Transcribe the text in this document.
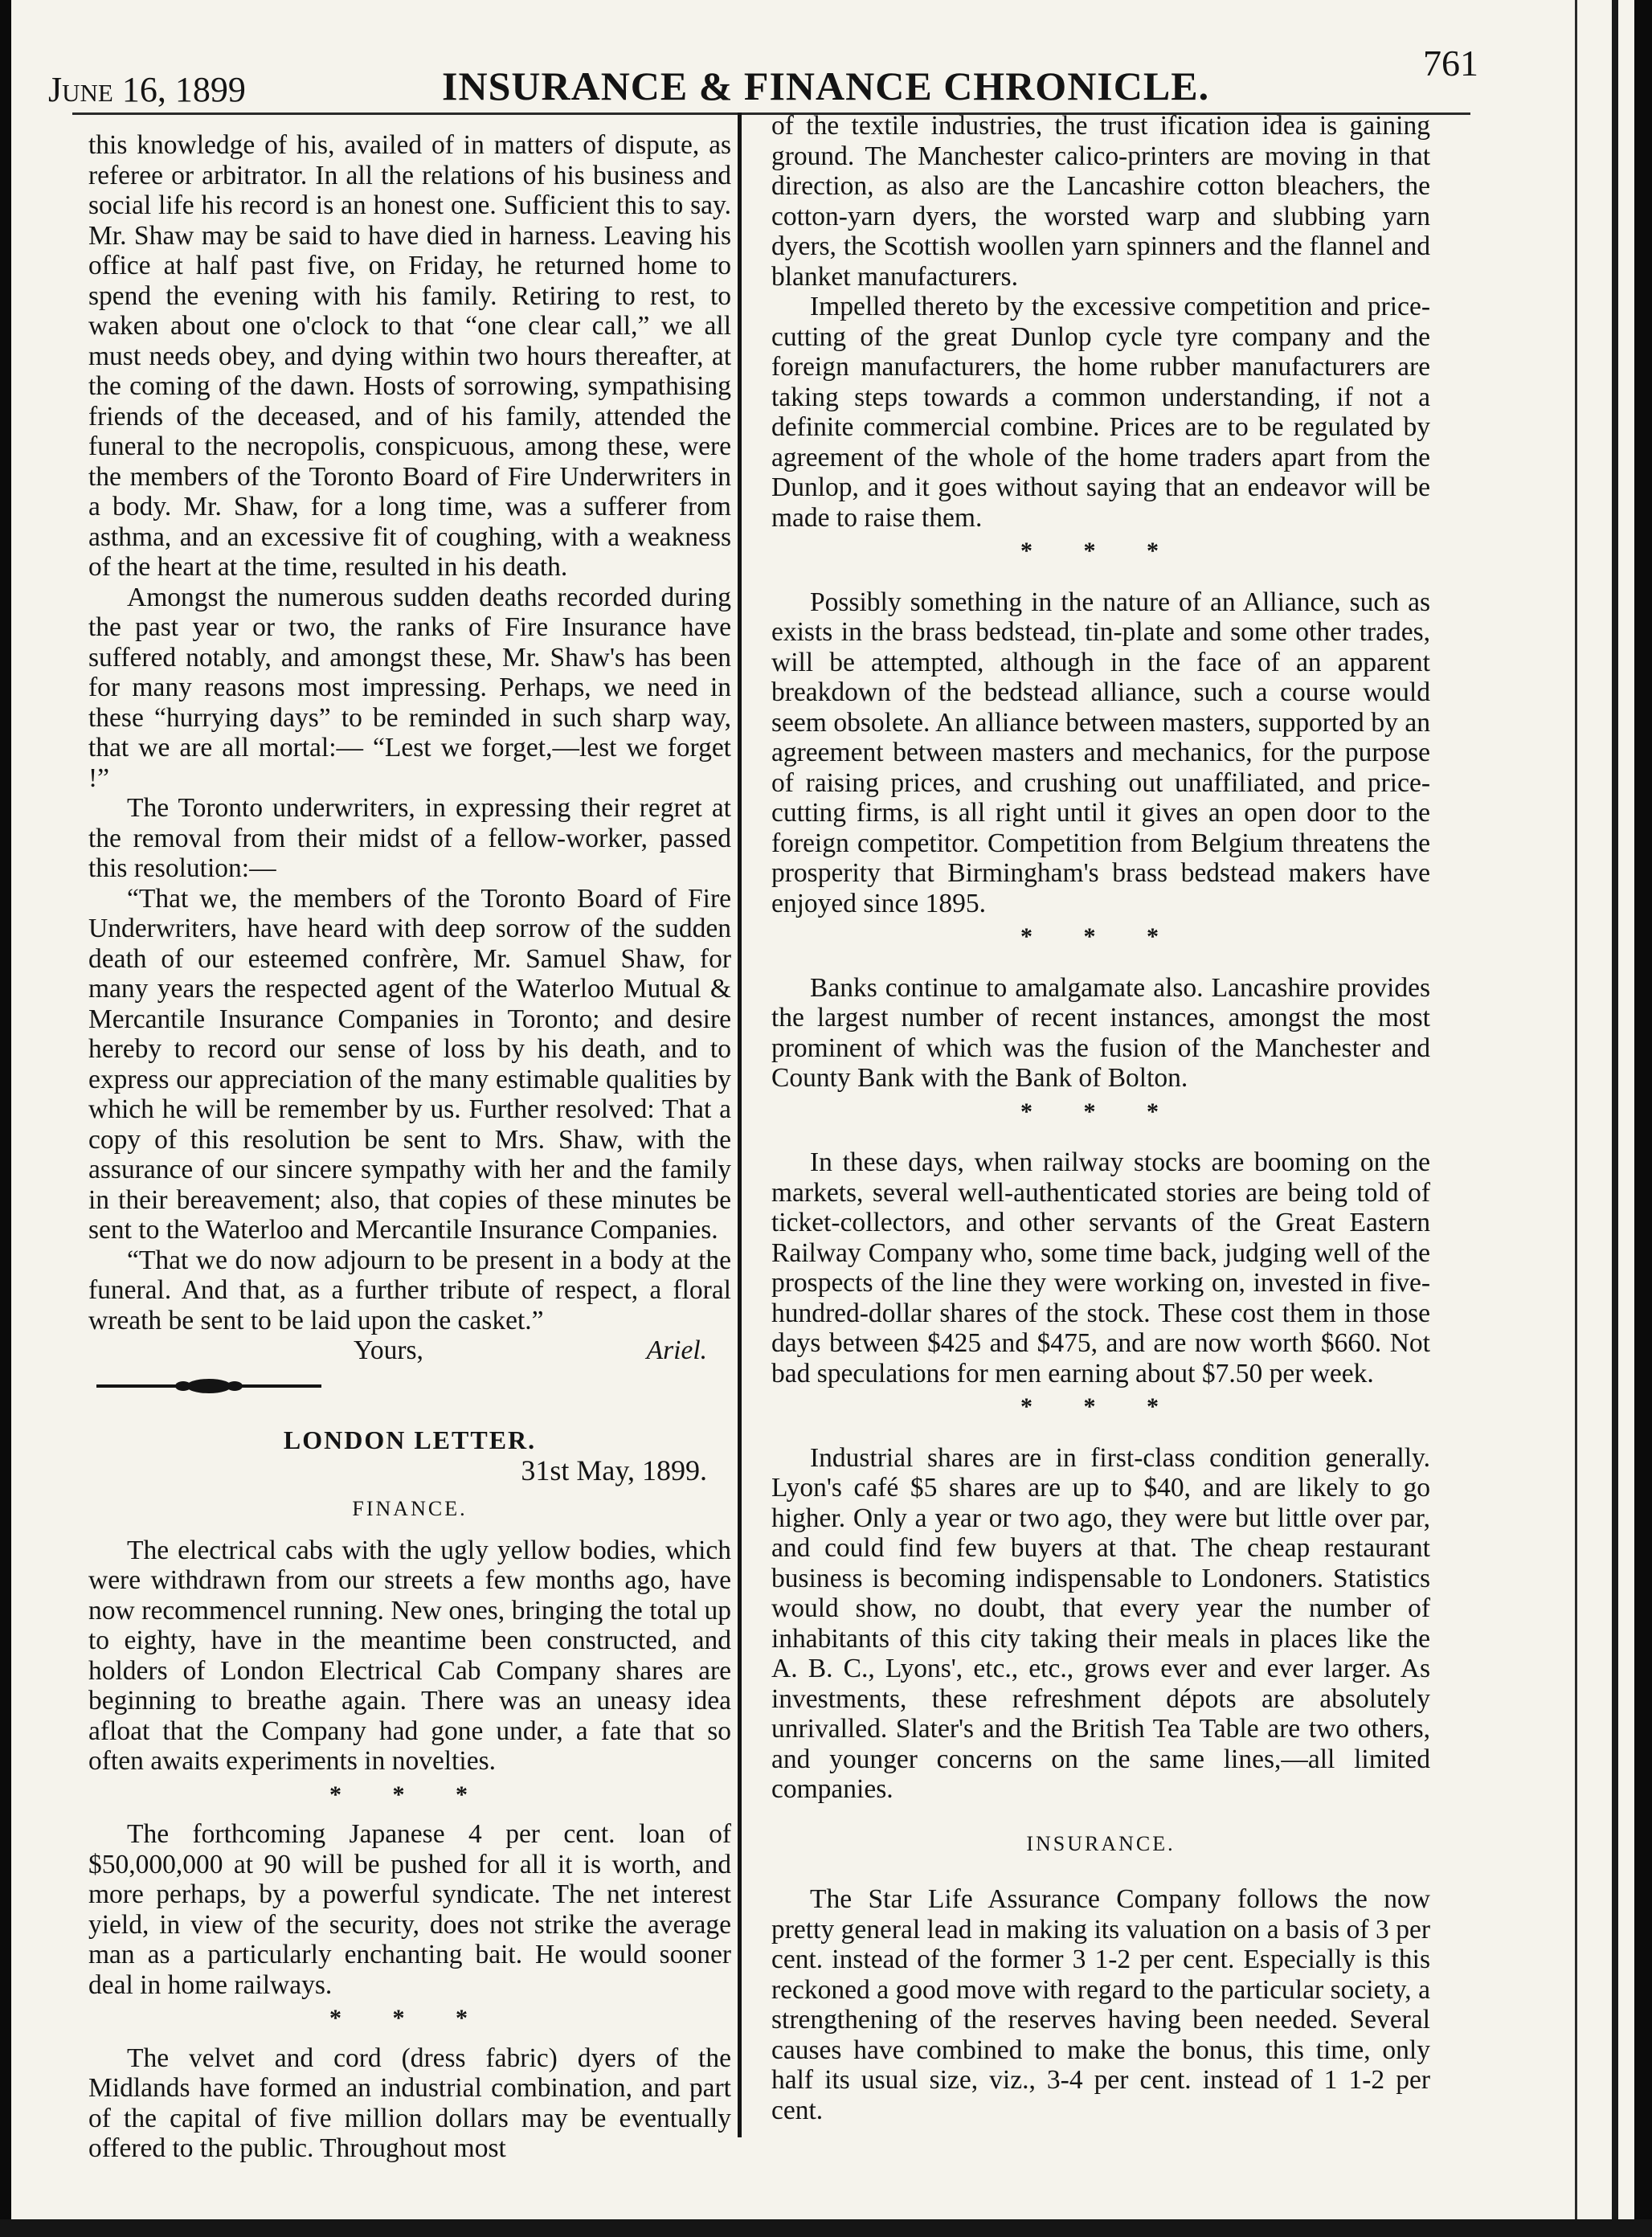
June 16, 1899	INSURANCE & FINANCE CHRONICLE.
761

this knowledge of his, availed of in matters of dispute, as referee or arbitrator. In all the relations of his business and social life his record is an honest one. Sufficient this to say. Mr. Shaw may be said to have died in harness. Leaving his office at half past five, on Friday, he returned home to spend the evening with his family. Retiring to rest, to waken about one o'clock to that “one clear call,” we all must needs obey, and dying within two hours thereafter, at the coming of the dawn. Hosts of sorrowing, sympathising friends of the deceased, and of his family, attended the funeral to the necropolis, conspicuous, among these, were the members of the Toronto Board of Fire Underwriters in a body. Mr. Shaw, for a long time, was a sufferer from asthma, and an excessive fit of coughing, with a weakness of the heart at the time, resulted in his death.

Amongst the numerous sudden deaths recorded during the past year or two, the ranks of Fire Insurance have suffered notably, and amongst these, Mr. Shaw's has been for many reasons most impressing. Perhaps, we need in these “hurrying days” to be reminded in such sharp way, that we are all mortal:— “Lest we forget,—lest we forget !”

The Toronto underwriters, in expressing their regret at the removal from their midst of a fellow-worker, passed this resolution:—

“That we, the members of the Toronto Board of Fire Underwriters, have heard with deep sorrow of the sudden death of our esteemed confrère, Mr. Samuel Shaw, for many years the respected agent of the Waterloo Mutual & Mercantile Insurance Companies in Toronto; and desire hereby to record our sense of loss by his death, and to express our appreciation of the many estimable qualities by which he will be remember by us. Further resolved: That a copy of this resolution be sent to Mrs. Shaw, with the assurance of our sincere sympathy with her and the family in their bereavement; also, that copies of these minutes be sent to the Waterloo and Mercantile Insurance Companies.

“That we do now adjourn to be present in a body at the funeral. And that, as a further tribute of respect, a floral wreath be sent to be laid upon the casket.”

Yours,	Ariel.
LONDON LETTER.
31st May, 1899.
FINANCE.

The electrical cabs with the ugly yellow bodies, which were withdrawn from our streets a few months ago, have now recommencel running. New ones, bringing the total up to eighty, have in the meantime been constructed, and holders of London Electrical Cab Company shares are beginning to breathe again. There was an uneasy idea afloat that the Company had gone under, a fate that so often awaits experiments in novelties.

* * *

The forthcoming Japanese 4 per cent. loan of $50,000,000 at 90 will be pushed for all it is worth, and more perhaps, by a powerful syndicate. The net interest yield, in view of the security, does not strike the average man as a particularly enchanting bait. He would sooner deal in home railways.

* * *

The velvet and cord (dress fabric) dyers of the Midlands have formed an industrial combination, and part of the capital of five million dollars may be eventually offered to the public. Throughout most

of the textile industries, the trust ification idea is gaining ground. The Manchester calico-printers are moving in that direction, as also are the Lancashire cotton bleachers, the cotton-yarn dyers, the worsted warp and slubbing yarn dyers, the Scottish woollen yarn spinners and the flannel and blanket manufacturers.

Impelled thereto by the excessive competition and price-cutting of the great Dunlop cycle tyre company and the foreign manufacturers, the home rubber manufacturers are taking steps towards a common understanding, if not a definite commercial combine. Prices are to be regulated by agreement of the whole of the home traders apart from the Dunlop, and it goes without saying that an endeavor will be made to raise them.

* * *

Possibly something in the nature of an Alliance, such as exists in the brass bedstead, tin-plate and some other trades, will be attempted, although in the face of an apparent breakdown of the bedstead alliance, such a course would seem obsolete. An alliance between masters, supported by an agreement between masters and mechanics, for the purpose of raising prices, and crushing out unaffiliated, and price-cutting firms, is all right until it gives an open door to the foreign competitor. Competition from Belgium threatens the prosperity that Birmingham's brass bedstead makers have enjoyed since 1895.

* * *

Banks continue to amalgamate also. Lancashire provides the largest number of recent instances, amongst the most prominent of which was the fusion of the Manchester and County Bank with the Bank of Bolton.

* * *

In these days, when railway stocks are booming on the markets, several well-authenticated stories are being told of ticket-collectors, and other servants of the Great Eastern Railway Company who, some time back, judging well of the prospects of the line they were working on, invested in five-hundred-dollar shares of the stock. These cost them in those days between $425 and $475, and are now worth $660. Not bad speculations for men earning about $7.50 per week.

* * *

Industrial shares are in first-class condition generally. Lyon's café $5 shares are up to $40, and are likely to go higher. Only a year or two ago, they were but little over par, and could find few buyers at that. The cheap restaurant business is becoming indispensable to Londoners. Statistics would show, no doubt, that every year the number of inhabitants of this city taking their meals in places like the A. B. C., Lyons', etc., etc., grows ever and ever larger. As investments, these refreshment dépots are absolutely unrivalled. Slater's and the British Tea Table are two others, and younger concerns on the same lines,—all limited companies.

INSURANCE.

The Star Life Assurance Company follows the now pretty general lead in making its valuation on a basis of 3 per cent. instead of the former 3 1-2 per cent. Especially is this reckoned a good move with regard to the particular society, a strengthening of the reserves having been needed. Several causes have combined to make the bonus, this time, only half its usual size, viz., 3-4 per cent. instead of 1 1-2 per cent.
